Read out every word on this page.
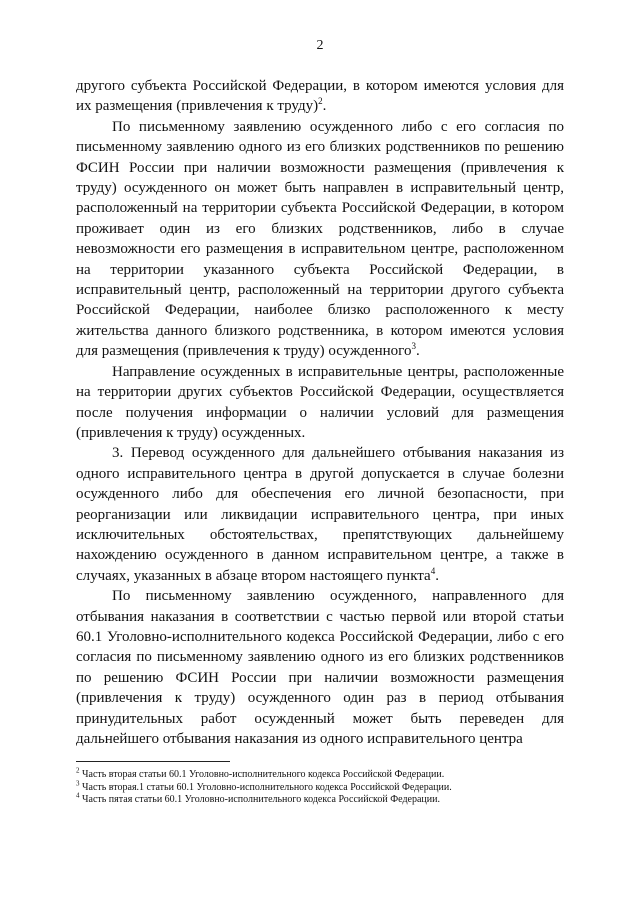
2

другого субъекта Российской Федерации, в котором имеются условия для их размещения (привлечения к труду)$^2$.

По письменному заявлению осужденного либо с его согласия по письменному заявлению одного из его близких родственников по решению ФСИН России при наличии возможности размещения (привлечения к труду) осужденного он может быть направлен в исправительный центр, расположенный на территории субъекта Российской Федерации, в котором проживает один из его близких родственников, либо в случае невозможности его размещения в исправительном центре, расположенном на территории указанного субъекта Российской Федерации, в исправительный центр, расположенный на территории другого субъекта Российской Федерации, наиболее близко расположенного к месту жительства данного близкого родственника, в котором имеются условия для размещения (привлечения к труду) осужденного$^3$.

Направление осужденных в исправительные центры, расположенные на территории других субъектов Российской Федерации, осуществляется после получения информации о наличии условий для размещения (привлечения к труду) осужденных.

3. Перевод осужденного для дальнейшего отбывания наказания из одного исправительного центра в другой допускается в случае болезни осужденного либо для обеспечения его личной безопасности, при реорганизации или ликвидации исправительного центра, при иных исключительных обстоятельствах, препятствующих дальнейшему нахождению осужденного в данном исправительном центре, а также в случаях, указанных в абзаце втором настоящего пункта$^4$.

По письменному заявлению осужденного, направленного для отбывания наказания в соответствии с частью первой или второй статьи 60.1 Уголовно-исполнительного кодекса Российской Федерации, либо с его согласия по письменному заявлению одного из его близких родственников по решению ФСИН России при наличии возможности размещения (привлечения к труду) осужденного один раз в период отбывания принудительных работ осужденный может быть переведен для дальнейшего отбывания наказания из одного исправительного центра

$^2$ Часть вторая статьи 60.1 Уголовно-исполнительного кодекса Российской Федерации.

$^3$ Часть вторая.1 статьи 60.1 Уголовно-исполнительного кодекса Российской Федерации.

$^4$ Часть пятая статьи 60.1 Уголовно-исполнительного кодекса Российской Федерации.
